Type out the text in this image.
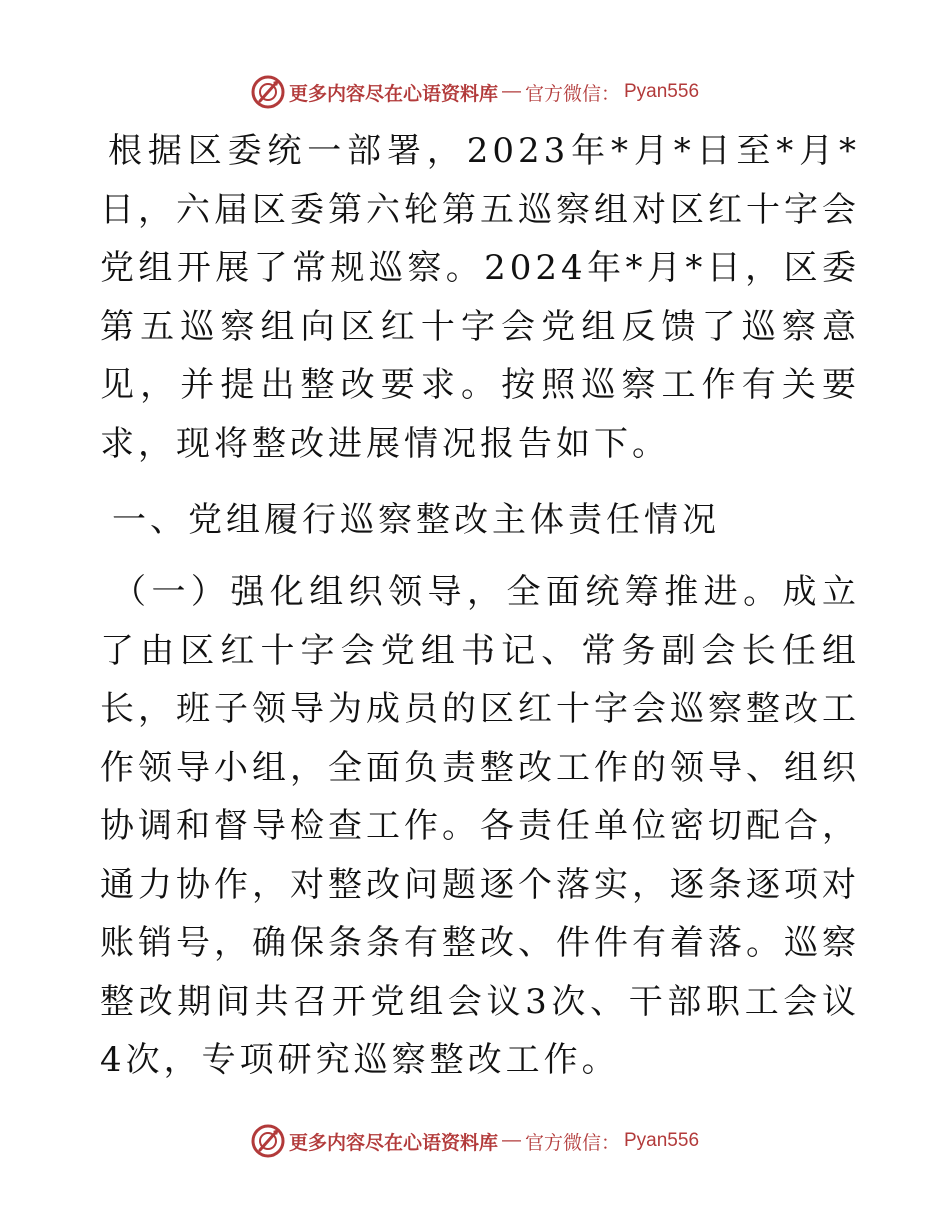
更多内容尽在心语资料库 — 官方微信： Pyan556

根据区委统一部署，2023年*月*日至*月*日，六届区委第六轮第五巡察组对区红十字会党组开展了常规巡察。2024年*月*日，区委第五巡察组向区红十字会党组反馈了巡察意见，并提出整改要求。按照巡察工作有关要求，现将整改进展情况报告如下。

一、党组履行巡察整改主体责任情况

（一）强化组织领导，全面统筹推进。成立了由区红十字会党组书记、常务副会长任组长，班子领导为成员的区红十字会巡察整改工作领导小组，全面负责整改工作的领导、组织协调和督导检查工作。各责任单位密切配合，通力协作，对整改问题逐个落实，逐条逐项对账销号，确保条条有整改、件件有着落。巡察整改期间共召开党组会议3次、干部职工会议4次，专项研究巡察整改工作。

更多内容尽在心语资料库 — 官方微信： Pyan556
